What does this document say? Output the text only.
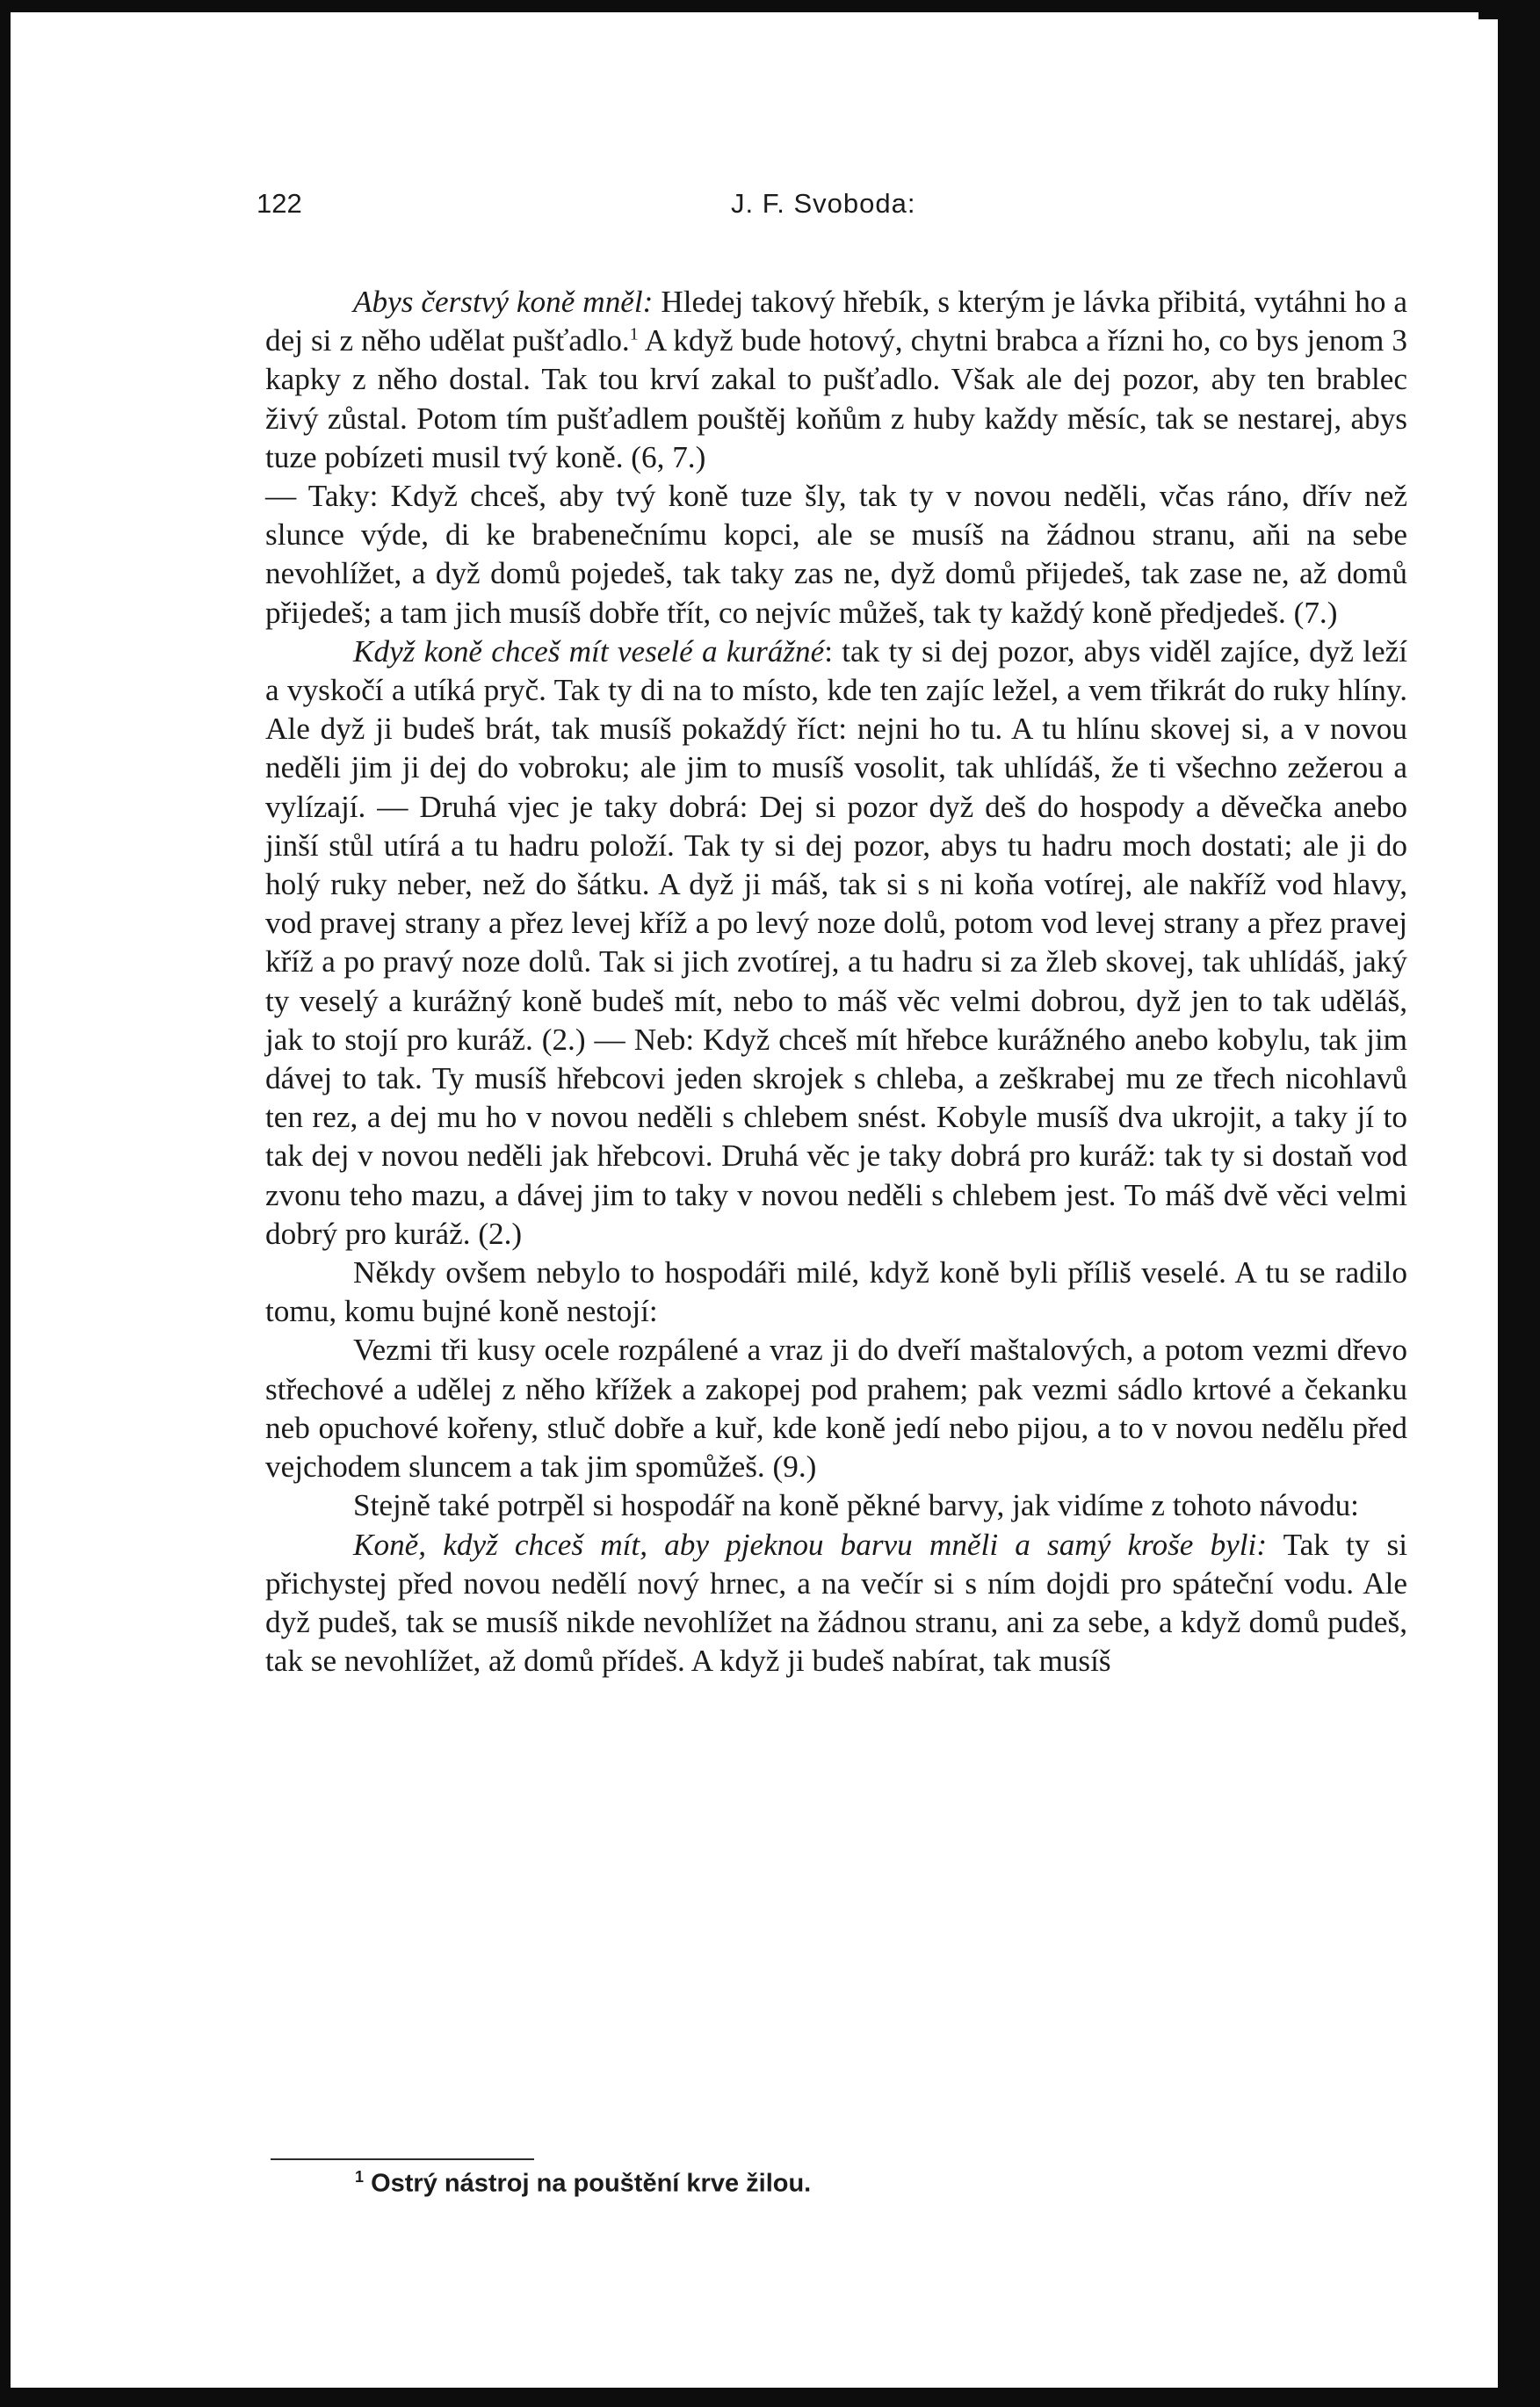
122	J. F. Svoboda:

Abys čerstvý koně mněl: Hledej takový hřebík, s kterým je lávka přibitá, vytáhni ho a dej si z něho udělat pušťadlo.$^1$ A když bude hotový, chytni brabca a řízni ho, co bys jenom 3 kapky z něho dostal. Tak tou krví zakal to pušťadlo. Však ale dej pozor, aby ten brablec živý zůstal. Potom tím pušťadlem pouštěj koňům z huby každy měsíc, tak se nestarej, abys tuze pobízeti musil tvý koně. (6, 7.)

— Taky: Když chceš, aby tvý koně tuze šly, tak ty v novou neděli, včas ráno, dřív než slunce výde, di ke brabenečnímu kopci, ale se musíš na žádnou stranu, aňi na sebe nevohlížet, a dyž domů pojedeš, tak taky zas ne, dyž domů přijedeš, tak zase ne, až domů přijedeš; a tam jich musíš dobře třít, co nejvíc můžeš, tak ty každý koně předjedeš. (7.)

Když koně chceš mít veselé a kurážné: tak ty si dej pozor, abys viděl zajíce, dyž leží a vyskočí a utíká pryč. Tak ty di na to místo, kde ten zajíc ležel, a vem třikrát do ruky hlíny. Ale dyž ji budeš brát, tak musíš pokaždý říct: nejni ho tu. A tu hlínu skovej si, a v novou neděli jim ji dej do vobroku; ale jim to musíš vosolit, tak uhlídáš, že ti všechno zežerou a vylízají. — Druhá vjec je taky dobrá: Dej si pozor dyž deš do hospody a děvečka anebo jinší stůl utírá a tu hadru položí. Tak ty si dej pozor, abys tu hadru moch dostati; ale ji do holý ruky neber, než do šátku. A dyž ji máš, tak si s ni koňa votírej, ale nakříž vod hlavy, vod pravej strany a přez levej kříž a po levý noze dolů, potom vod levej strany a přez pravej kříž a po pravý noze dolů. Tak si jich zvotírej, a tu hadru si za žleb skovej, tak uhlídáš, jaký ty veselý a kurážný koně budeš mít, nebo to máš věc velmi dobrou, dyž jen to tak uděláš, jak to stojí pro kuráž. (2.) — Neb: Když chceš mít hřebce kurážného anebo kobylu, tak jim dávej to tak. Ty musíš hřebcovi jeden skrojek s chleba, a zeškrabej mu ze třech nicohlavů ten rez, a dej mu ho v novou neděli s chlebem snést. Kobyle musíš dva ukrojit, a taky jí to tak dej v novou neděli jak hřebcovi. Druhá věc je taky dobrá pro kuráž: tak ty si dostaň vod zvonu teho mazu, a dávej jim to taky v novou neděli s chlebem jest. To máš dvě věci velmi dobrý pro kuráž. (2.)

Někdy ovšem nebylo to hospodáři milé, když koně byli příliš veselé. A tu se radilo tomu, komu bujné koně nestojí:

Vezmi tři kusy ocele rozpálené a vraz ji do dveří maštalových, a potom vezmi dřevo střechové a udělej z něho křížek a zakopej pod prahem; pak vezmi sádlo krtové a čekanku neb opuchové kořeny, stluč dobře a kuř, kde koně jedí nebo pijou, a to v novou nedělu před vejchodem sluncem a tak jim spomůžeš. (9.)

Stejně také potrpěl si hospodář na koně pěkné barvy, jak vidíme z tohoto návodu:

Koně, když chceš mít, aby pjeknou barvu mněli a samý kroše byli: Tak ty si přichystej před novou nedělí nový hrnec, a na večír si s ním dojdi pro spáteční vodu. Ale dyž pudeš, tak se musíš nikde nevohlížet na žádnou stranu, ani za sebe, a když domů pudeš, tak se nevohlížet, až domů přídeš. A když ji budeš nabírat, tak musíš

$^1$ Ostrý nástroj na pouštění krve žilou.
